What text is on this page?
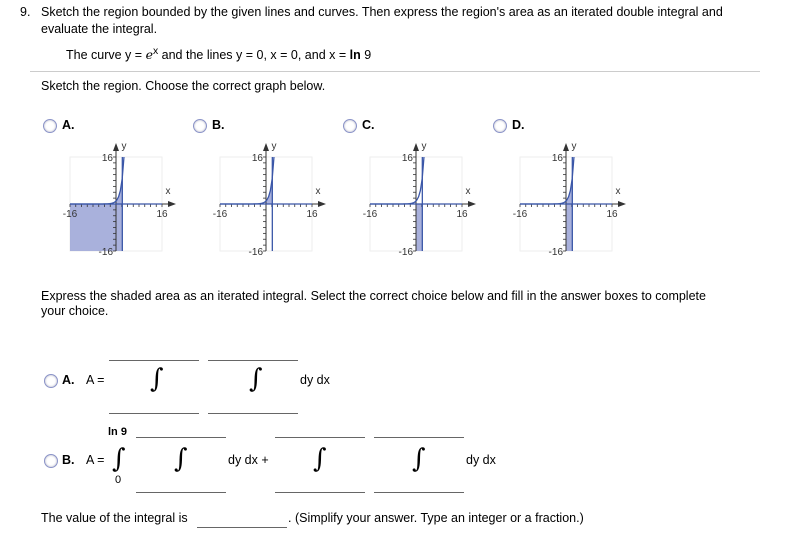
9. Sketch the region bounded by the given lines and curves. Then express the region's area as an iterated double integral and
evaluate the integral.
The curve $y = e^x$ and the lines y = 0, x = 0, and x = ln 9
Sketch the region. Choose the correct graph below.
A.
16
-16
-16	16
x
y
B.
16
-16
-16	16
x
y
C.
16
-16
-16	16
x
y
D.
16
-16
-16	16
x
y
Express the shaded area as an iterated integral. Select the correct choice below and fill in the answer boxes to complete
your choice.
A. A = ∫	∫	dy dx
B. A =
ln 9
0
∫ ∫	dy dx + ∫	∫	dy dx
The value of the integral is	. (Simplify your answer. Type an integer or a fraction.)
